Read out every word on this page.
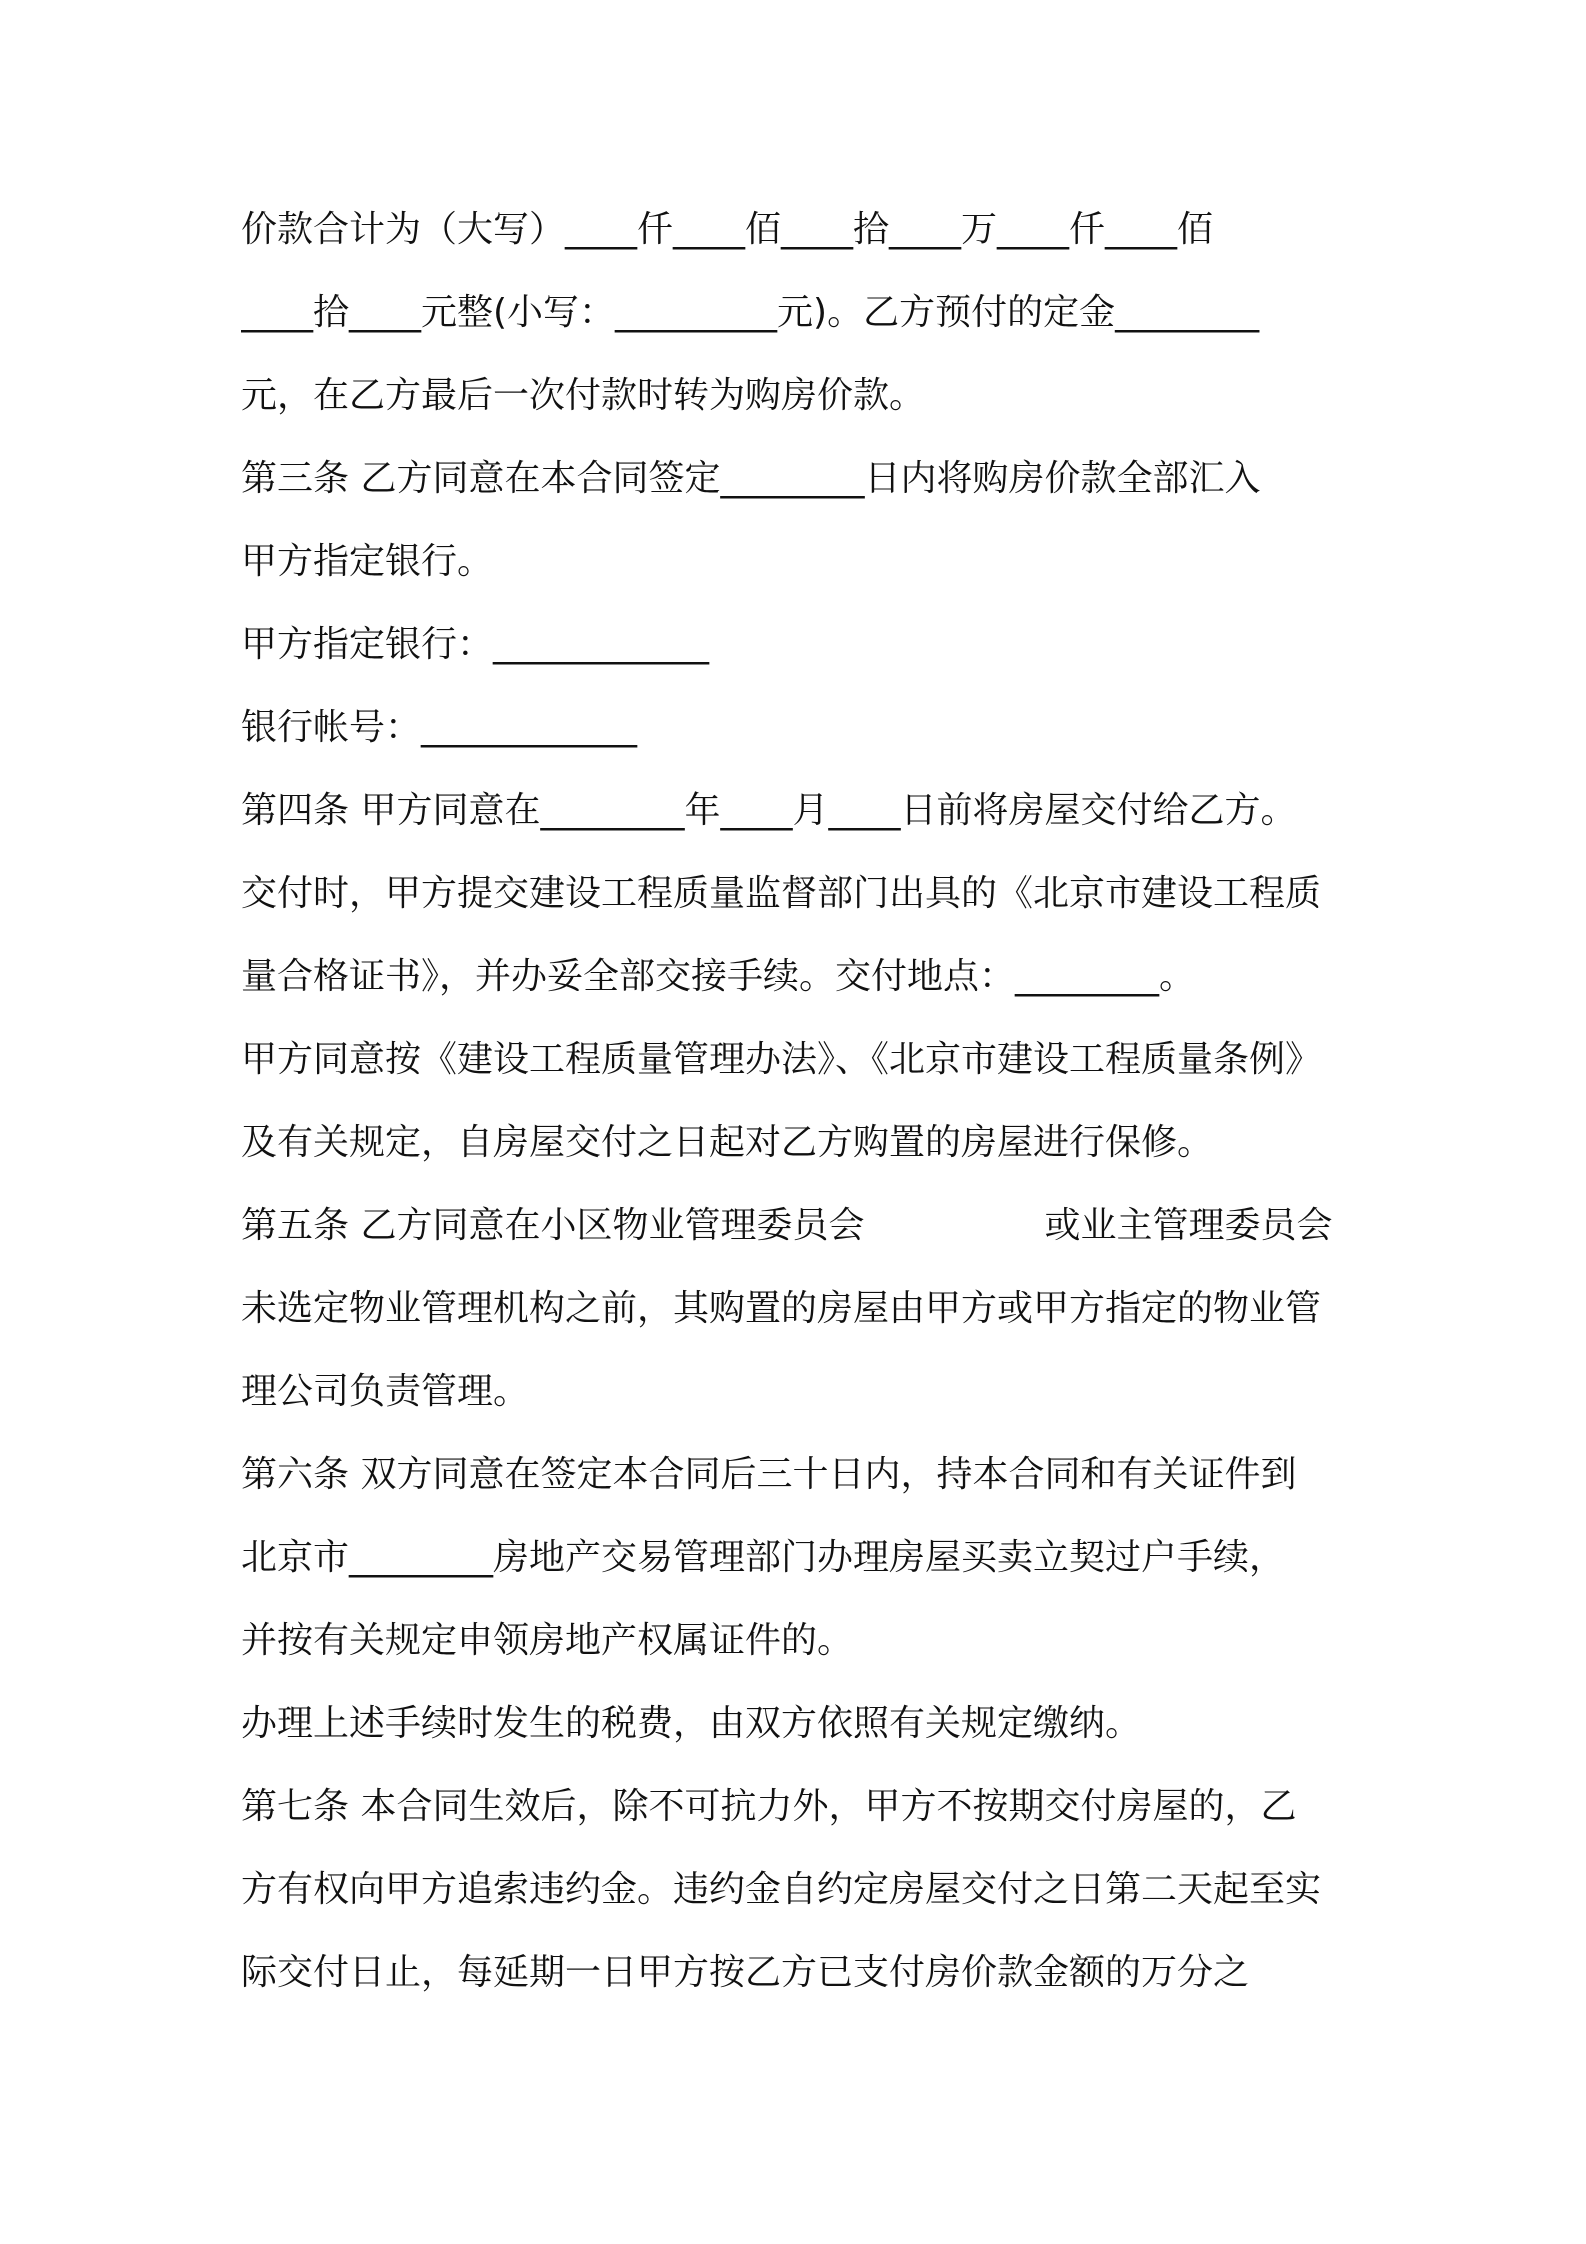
价款合计为（大写）____仟____佰____拾____万____仟____佰
____拾____元整(小写：_________元)。乙方预付的定金________
元，在乙方最后一次付款时转为购房价款。
第三条 乙方同意在本合同签定________日内将购房价款全部汇入
甲方指定银行。
甲方指定银行：____________
银行帐号：____________
第四条 甲方同意在________年____月____日前将房屋交付给乙方。
交付时，甲方提交建设工程质量监督部门出具的《北京市建设工程质
量合格证书》，并办妥全部交接手续。交付地点：________。
甲方同意按《建设工程质量管理办法》、《北京市建设工程质量条例》
及有关规定，自房屋交付之日起对乙方购置的房屋进行保修。
第五条 乙方同意在小区物业管理委员会　　　　　或业主管理委员会
未选定物业管理机构之前，其购置的房屋由甲方或甲方指定的物业管
理公司负责管理。
第六条 双方同意在签定本合同后三十日内，持本合同和有关证件到
北京市________房地产交易管理部门办理房屋买卖立契过户手续，
并按有关规定申领房地产权属证件的。
办理上述手续时发生的税费，由双方依照有关规定缴纳。
第七条 本合同生效后，除不可抗力外，甲方不按期交付房屋的，乙
方有权向甲方追索违约金。违约金自约定房屋交付之日第二天起至实
际交付日止，每延期一日甲方按乙方已支付房价款金额的万分之
